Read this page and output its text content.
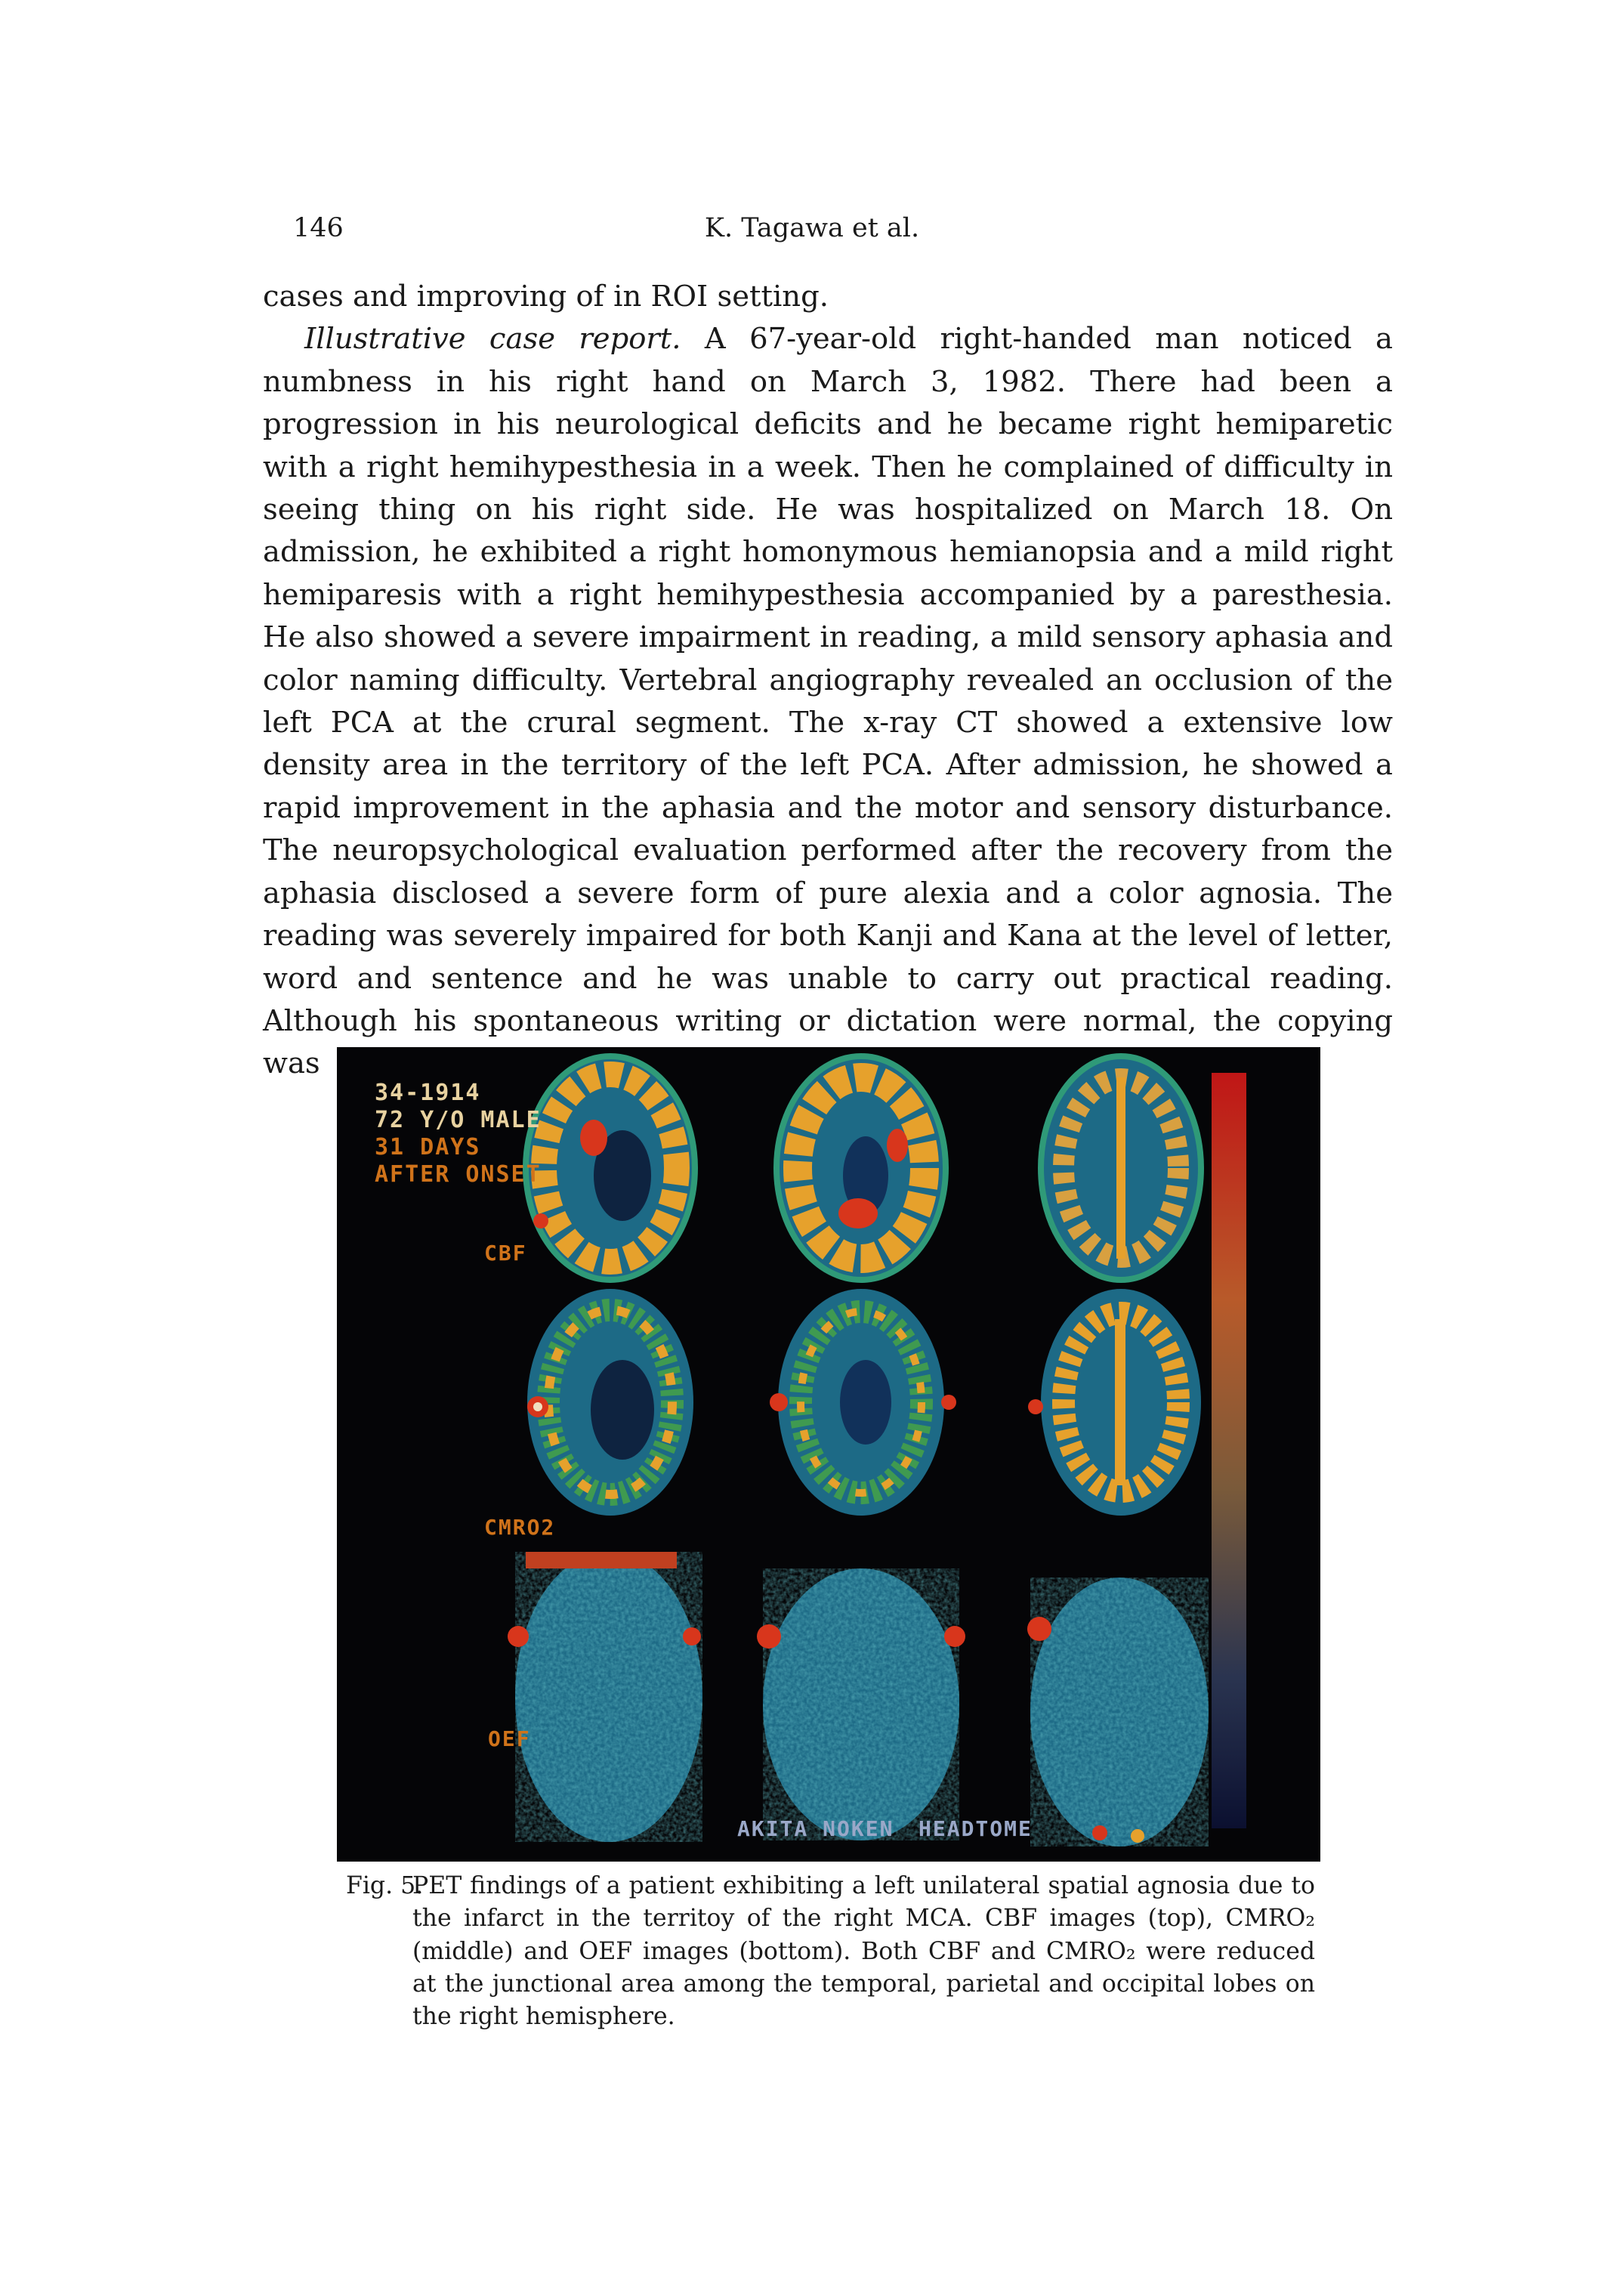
146	K. Tagawa et al.

cases and improving of in ROI setting.

Illustrative case report. A 67-year-old right-handed man noticed a numbness in his right hand on March 3, 1982. There had been a progression in his neurological deficits and he became right hemiparetic with a right hemihypesthesia in a week. Then he complained of difficulty in seeing thing on his right side. He was hospitalized on March 18. On admission, he exhibited a right homonymous hemianopsia and a mild right hemiparesis with a right hemihypesthesia accompanied by a paresthesia. He also showed a severe impairment in reading, a mild sensory aphasia and color naming difficulty. Vertebral angiography revealed an occlusion of the left PCA at the crural segment. The x-ray CT showed a extensive low density area in the territory of the left PCA. After admission, he showed a rapid improvement in the aphasia and the motor and sensory disturbance. The neuropsychological evaluation performed after the recovery from the aphasia disclosed a severe form of pure alexia and a color agnosia. The reading was severely impaired for both Kanji and Kana at the level of letter, word and sentence and he was unable to carry out practical reading. Although his spontaneous writing or dictation were normal, the copying was

34-1914
72 Y/O MALE
31 DAYS
AFTER ONSET
CBF
CMRO2
OEF
AKITA NOKEN HEADTOME
Fig. 5.
PET findings of a patient exhibiting a left unilateral spatial agnosia due to the infarct in the territoy of the right MCA. CBF images (top), CMRO₂ (middle) and OEF images (bottom). Both CBF and CMRO₂ were reduced at the junctional area among the temporal, parietal and occipital lobes on the right hemisphere.
